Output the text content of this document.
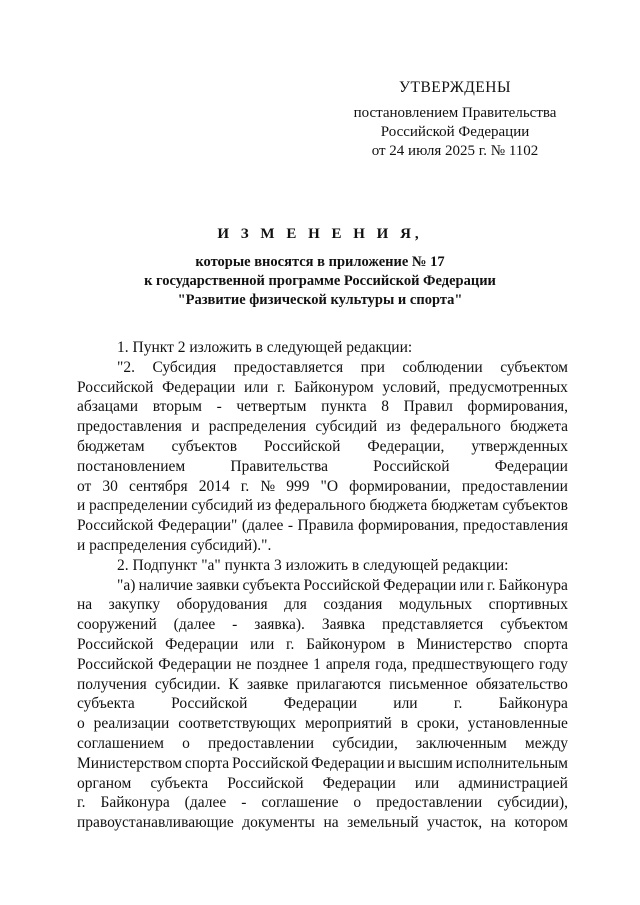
УТВЕРЖДЕНЫ
постановлением Правительства
Российской Федерации
от 24 июля 2025 г. № 1102
И З М Е Н Е Н И Я,
которые вносятся в приложение № 17
к государственной программе Российской Федерации
"Развитие физической культуры и спорта"
1. Пункт 2 изложить в следующей редакции:
"2. Субсидия предоставляется при соблюдении субъектом
Российской Федерации или г. Байконуром условий, предусмотренных
абзацами вторым - четвертым пункта 8 Правил формирования,
предоставления и распределения субсидий из федерального бюджета
бюджетам субъектов Российской Федерации, утвержденных
постановлением	Правительства	Российской	Федерации
от 30 сентября 2014 г. № 999 "О формировании, предоставлении
и распределении субсидий из федерального бюджета бюджетам субъектов
Российской Федерации" (далее - Правила формирования, предоставления
и распределения субсидий).".
2. Подпункт "а" пункта 3 изложить в следующей редакции:
"а) наличие заявки субъекта Российской Федерации или г. Байконура
на закупку оборудования для создания модульных спортивных
сооружений (далее - заявка). Заявка представляется субъектом
Российской Федерации или г. Байконуром в Министерство спорта
Российской Федерации не позднее 1 апреля года, предшествующего году
получения субсидии. К заявке прилагаются письменное обязательство
субъекта Российской Федерации или г. Байконура
о реализации соответствующих мероприятий в сроки, установленные
соглашением о предоставлении субсидии, заключенным между
Министерством спорта Российской Федерации и высшим исполнительным
органом субъекта Российской Федерации или администрацией
г. Байконура (далее - соглашение о предоставлении субсидии),
правоустанавливающие документы на земельный участок, на котором
